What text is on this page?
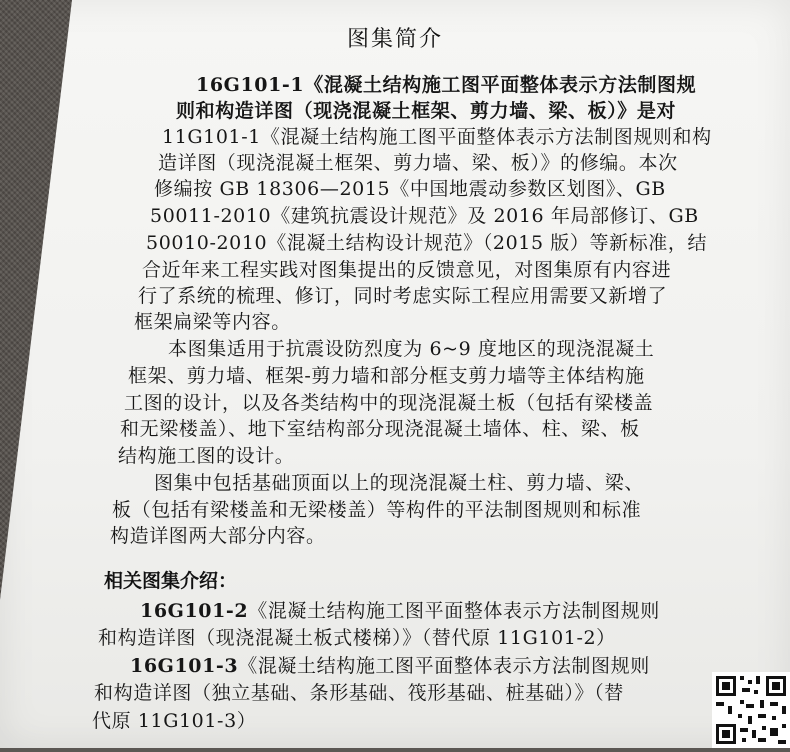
图集简介
16G101-1《混凝土结构施工图平面整体表示方法制图规
则和构造详图（现浇混凝土框架、剪力墙、梁、板）》是对
11G101-1《混凝土结构施工图平面整体表示方法制图规则和构
造详图（现浇混凝土框架、剪力墙、梁、板）》的修编。本次
修编按 GB 18306—2015《中国地震动参数区划图》、GB
50011-2010《建筑抗震设计规范》及 2016 年局部修订、GB
50010-2010《混凝土结构设计规范》（2015 版）等新标准，结
合近年来工程实践对图集提出的反馈意见，对图集原有内容进
行了系统的梳理、修订，同时考虑实际工程应用需要又新增了
框架扁梁等内容。
本图集适用于抗震设防烈度为 6~9 度地区的现浇混凝土
框架、剪力墙、框架-剪力墙和部分框支剪力墙等主体结构施
工图的设计，以及各类结构中的现浇混凝土板（包括有梁楼盖
和无梁楼盖）、地下室结构部分现浇混凝土墙体、柱、梁、板
结构施工图的设计。
图集中包括基础顶面以上的现浇混凝土柱、剪力墙、梁、
板（包括有梁楼盖和无梁楼盖）等构件的平法制图规则和标准
构造详图两大部分内容。
相关图集介绍：
16G101-2《混凝土结构施工图平面整体表示方法制图规则
和构造详图（现浇混凝土板式楼梯）》（替代原 11G101-2）
16G101-3《混凝土结构施工图平面整体表示方法制图规则
和构造详图（独立基础、条形基础、筏形基础、桩基础）》（替
代原 11G101-3）
